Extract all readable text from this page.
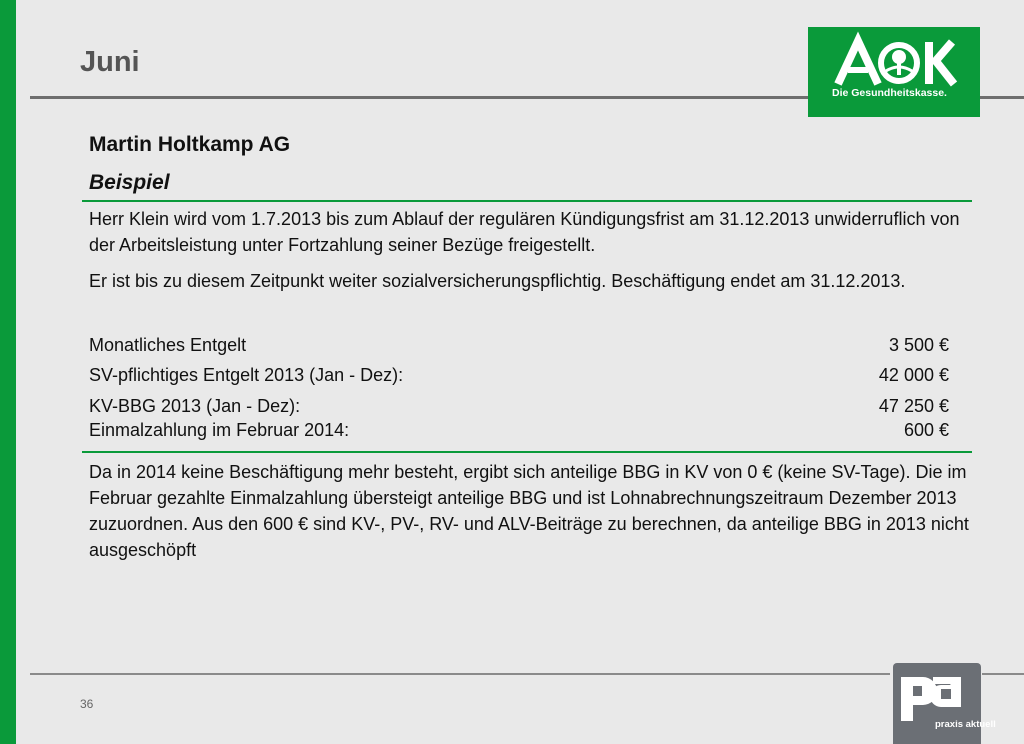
Juni
Die Gesundheitskasse.
Martin Holtkamp AG
Beispiel
Herr Klein wird vom 1.7.2013 bis zum Ablauf der regulären Kündigungsfrist am 31.12.2013 unwiderruflich von der Arbeitsleistung unter Fortzahlung seiner Bezüge freigestellt.
Er ist bis zu diesem Zeitpunkt weiter sozialversicherungspflichtig. Beschäftigung endet am 31.12.2013.
Monatliches Entgelt	3 500 €
SV-pflichtiges Entgelt 2013 (Jan - Dez):	42 000 €
KV-BBG 2013 (Jan - Dez):	47 250 €
Einmalzahlung im Februar 2014:	600 €
Da in 2014 keine Beschäftigung mehr besteht, ergibt sich anteilige BBG in KV von 0 € (keine SV-Tage). Die im Februar gezahlte Einmalzahlung übersteigt anteilige BBG und ist Lohnabrechnungszeitraum Dezember 2013 zuzuordnen. Aus den 600 € sind KV-, PV-, RV- und ALV-Beiträge zu berechnen, da anteilige BBG in 2013 nicht ausgeschöpft
36
praxis aktuell
